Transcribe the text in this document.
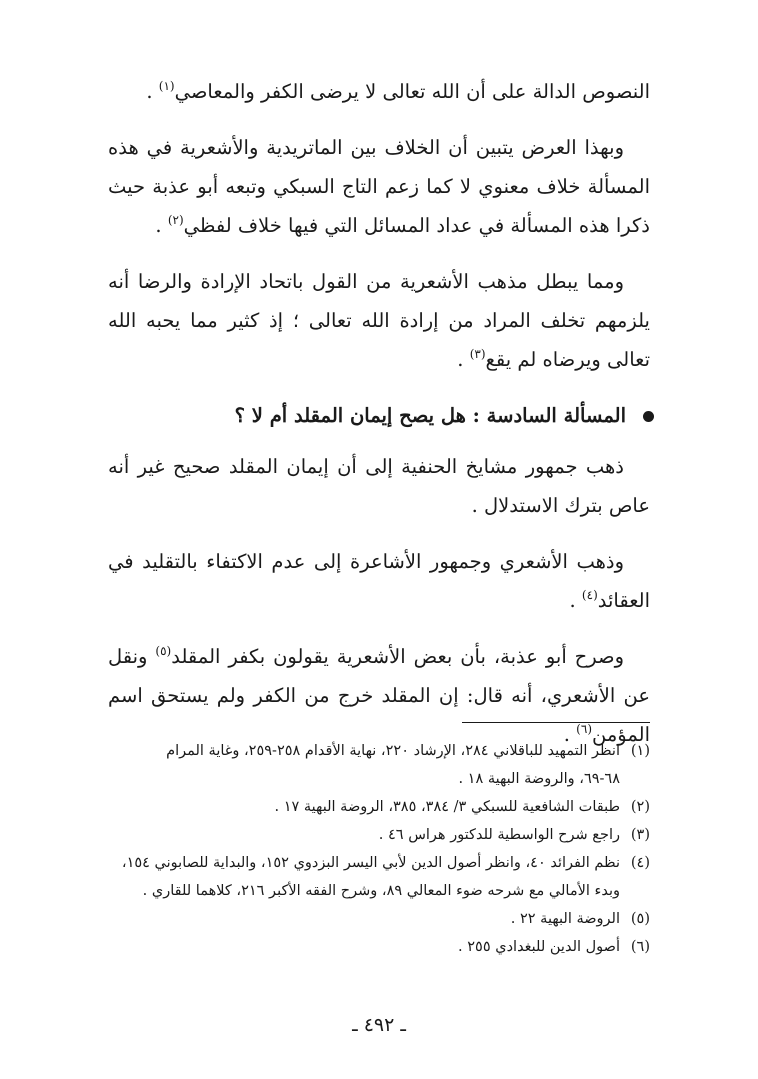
النصوص الدالة على أن الله تعالى لا يرضى الكفر والمعاصي$^{(١)}$ .

وبهذا العرض يتبين أن الخلاف بين الماتريدية والأشعرية في هذه المسألة خلاف معنوي لا كما زعم التاج السبكي وتبعه أبو عذبة حيث ذكرا هذه المسألة في عداد المسائل التي فيها خلاف لفظي$^{(٢)}$ .

ومما يبطل مذهب الأشعرية من القول باتحاد الإرادة والرضا أنه يلزمهم تخلف المراد من إرادة الله تعالى ؛ إذ كثير مما يحبه الله تعالى ويرضاه لم يقع$^{(٣)}$ .

المسألة السادسة : هل يصح إيمان المقلد أم لا ؟

ذهب جمهور مشايخ الحنفية إلى أن إيمان المقلد صحيح غير أنه عاص بترك الاستدلال .

وذهب الأشعري وجمهور الأشاعرة إلى عدم الاكتفاء بالتقليد في العقائد$^{(٤)}$ .

وصرح أبو عذبة، بأن بعض الأشعرية يقولون بكفر المقلد$^{(٥)}$ ونقل عن الأشعري، أنه قال: إن المقلد خرج من الكفر ولم يستحق اسم المؤمن$^{(٦)}$ .

(١)انظر التمهيد للباقلاني ٢٨٤، الإرشاد ٢٢٠، نهاية الأقدام ٢٥٨-٢٥٩، وغاية المرام
٦٨-٦٩، والروضة البهية ١٨ .

(٢)طبقات الشافعية للسبكي ٣/ ٣٨٤، ٣٨٥، الروضة البهية ١٧ .

(٣)راجع شرح الواسطية للدكتور هراس ٤٦ .

(٤)نظم الفرائد ٤٠، وانظر أصول الدين لأبي اليسر البزدوي ١٥٢، والبداية للصابوني ١٥٤،
وبدء الأمالي مع شرحه ضوء المعالي ٨٩، وشرح الفقه الأكبر ٢١٦، كلاهما للقاري .

(٥)الروضة البهية ٢٢ .

(٦)أصول الدين للبغدادي ٢٥٥ .

ـ ٤٩٢ ـ
